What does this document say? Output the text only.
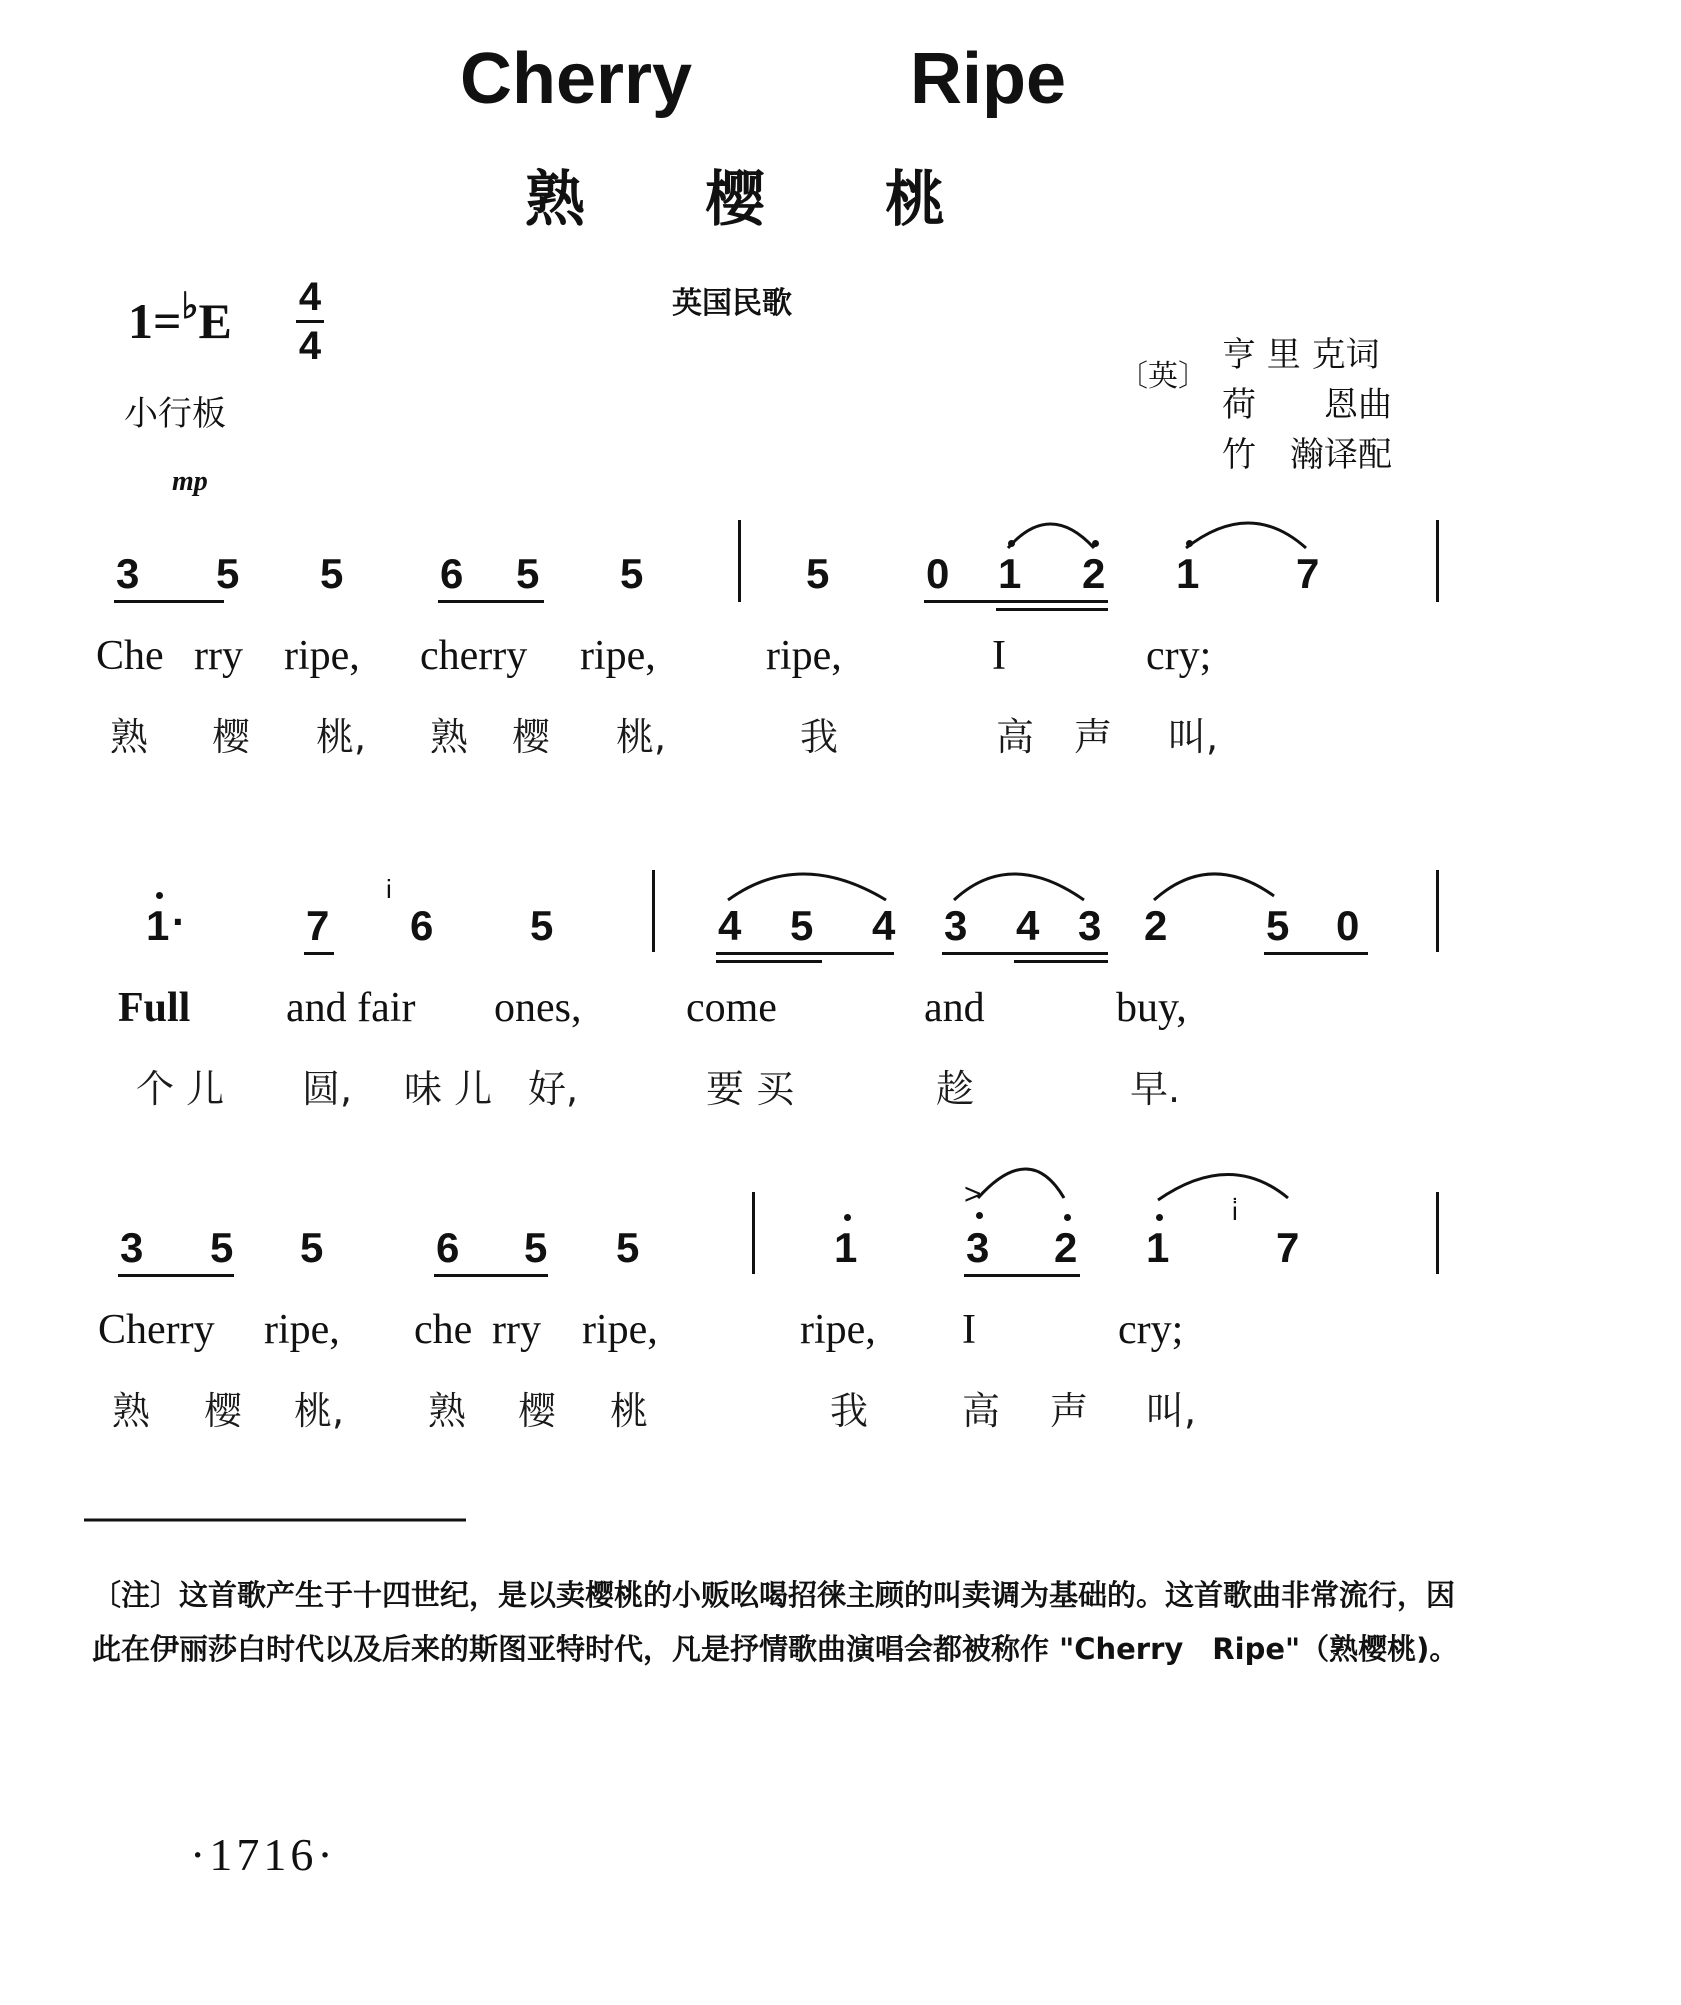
Cherry	Ripe
熟 樱 桃
1=♭E 4
4
英国民歌
小行板
mp
〔英〕
亨 里 克词
荷　　恩曲
竹　瀚译配
3 5 5 6 5 5	5 0 1 2 1 7
Che rry ripe, cherry ripe,	ripe,	I	cry;
熟 樱 桃, 熟 樱 桃,	我	高 声 叫,
1 ·	7
i
6 5	4 5 4 3 4 3 2 5 0
Full and fair ones, come	and	buy,
个 儿 圆, 味 儿 好,	要 买	趁	早.
3 5 5	6 5 5	1	3 2 1
i̇
7
>
Cherry ripe, che rry ripe,	ripe, I	cry;
熟 樱 桃, 熟 樱 桃	我 高 声 叫,
〔注〕这首歌产生于十四世纪，是以卖樱桃的小贩吆喝招徕主顾的叫卖调为基础的。这首歌曲非常流行，因此在伊丽莎白时代以及后来的斯图亚特时代，凡是抒情歌曲演唱会都被称作 "Cherry　Ripe"（熟樱桃)。
·1716·
